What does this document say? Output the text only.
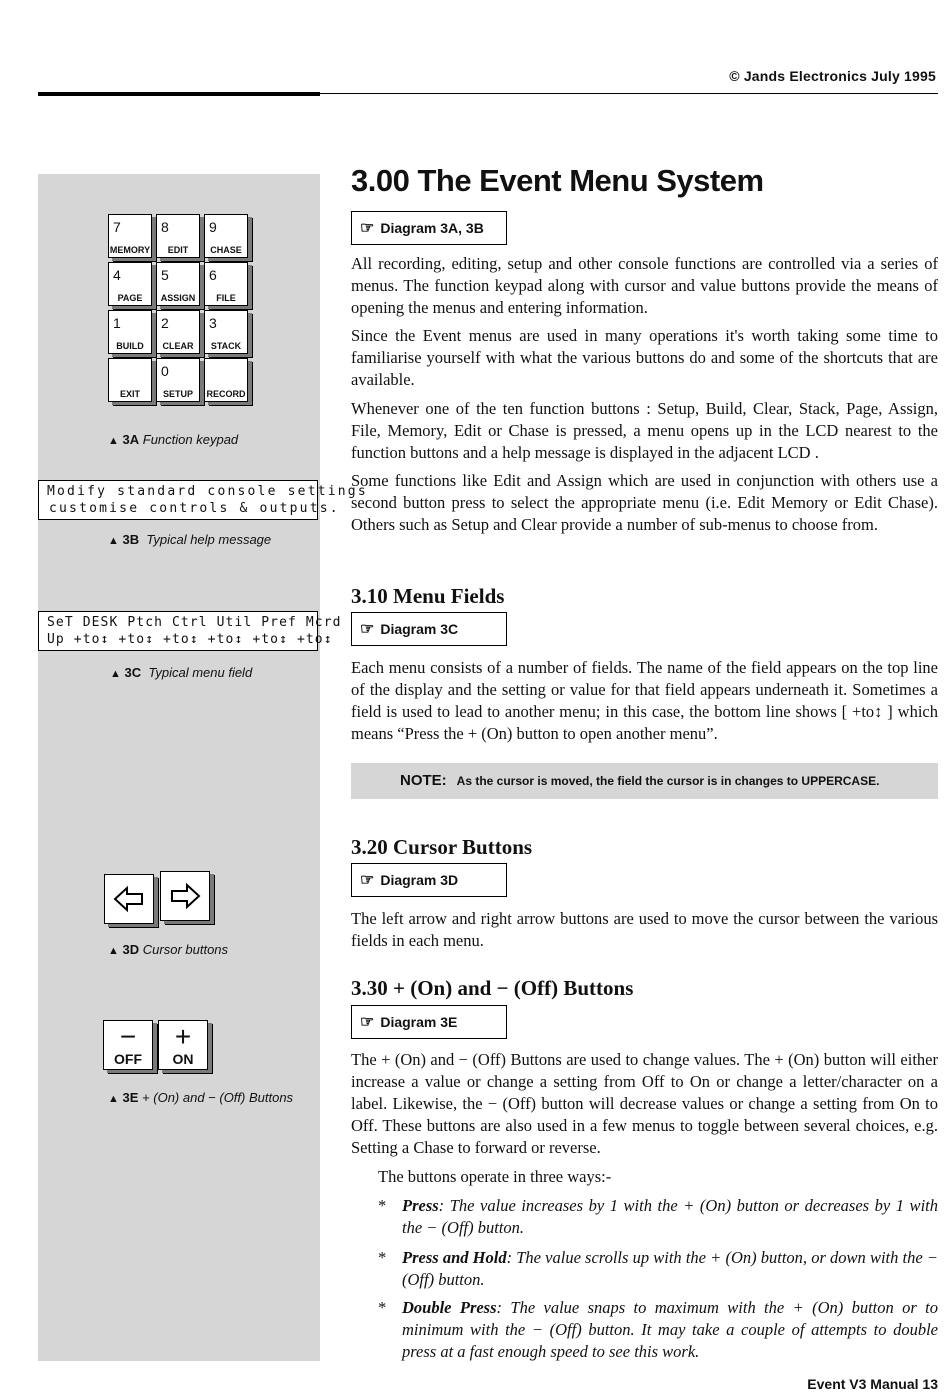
© Jands Electronics July 1995
7
MEMORY
8
EDIT
9
CHASE
4
PAGE
5
ASSIGN
6
FILE
1
BUILD
2
CLEAR
3
STACK
EXIT
0
SETUP	RECORD
▲ 3A Function keypad
Modify standard console settings
customise controls & outputs.
▲ 3B Typical help message
SeT DESK Ptch Ctrl Util Pref Mcrd
Up +to↕ +to↕ +to↕ +to↕ +to↕ +to↕
▲ 3C Typical menu field
▲ 3D Cursor buttons
−
OFF
+
ON
▲ 3E + (On) and − (Off) Buttons
3.00 The Event Menu System
☞ Diagram 3A, 3B

All recording, editing, setup and other console functions are controlled via a series of menus. The function keypad along with cursor and value buttons provide the means of opening the menus and entering information.

Since the Event menus are used in many operations it's worth taking some time to familiarise yourself with what the various buttons do and some of the shortcuts that are available.

Whenever one of the ten function buttons : Setup, Build, Clear, Stack, Page, Assign, File, Memory, Edit or Chase is pressed, a menu opens up in the LCD nearest to the function buttons and a help message is displayed in the adjacent LCD .

Some functions like Edit and Assign which are used in conjunction with others use a second button press to select the appropriate menu (i.e. Edit Memory or Edit Chase). Others such as Setup and Clear provide a number of sub-menus to choose from.

3.10 Menu Fields
☞ Diagram 3C

Each menu consists of a number of fields. The name of the field appears on the top line of the display and the setting or value for that field appears underneath it. Sometimes a field is used to lead to another menu; in this case, the bottom line shows [ +to↕ ] which means “Press the + (On) button to open another menu”.

NOTE: As the cursor is moved, the field the cursor is in changes to UPPERCASE.
3.20 Cursor Buttons
☞ Diagram 3D

The left arrow and right arrow buttons are used to move the cursor between the various fields in each menu.

3.30 + (On) and − (Off) Buttons
☞ Diagram 3E

The + (On) and − (Off) Buttons are used to change values. The + (On) button will either increase a value or change a setting from Off to On or change a letter/character on a label. Likewise, the − (Off) button will decrease values or change a setting from On to Off. These buttons are also used in a few menus to toggle between several choices, e.g. Setting a Chase to forward or reverse.

The buttons operate in three ways:-

* Press: The value increases by 1 with the + (On) button or decreases by 1 with the − (Off) button.
* Press and Hold: The value scrolls up with the + (On) button, or down with the − (Off) button.
* Double Press: The value snaps to maximum with the + (On) button or to minimum with the − (Off) button. It may take a couple of attempts to double press at a fast enough speed to see this work.
Event V3 Manual 13
